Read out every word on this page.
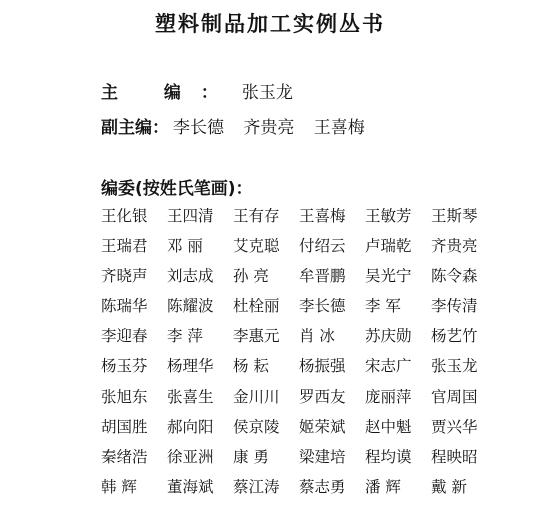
塑料制品加工实例丛书
主 编： 张玉龙
副主编： 李长德 齐贵亮 王喜梅
编委(按姓氏笔画)：
王化银	王四清	王有存	王喜梅	王敏芳	王斯琴
王瑞君	邓 丽	艾克聪	付绍云	卢瑞乾	齐贵亮
齐晓声	刘志成	孙 亮	牟晋鹏	吴光宁	陈令森
陈瑞华	陈耀波	杜栓丽	李长德	李 军	李传清
李迎春	李 萍	李惠元	肖 冰	苏庆勋	杨艺竹
杨玉芬	杨理华	杨 耘	杨振强	宋志广	张玉龙
张旭东	张喜生	金川川	罗西友	庞丽萍	官周国
胡国胜	郝向阳	侯京陵	姬荣斌	赵中魁	贾兴华
秦绪浩	徐亚洲	康 勇	梁建培	程均谟	程映昭
韩 辉	董海斌	蔡江涛	蔡志勇	潘 辉	戴 新
